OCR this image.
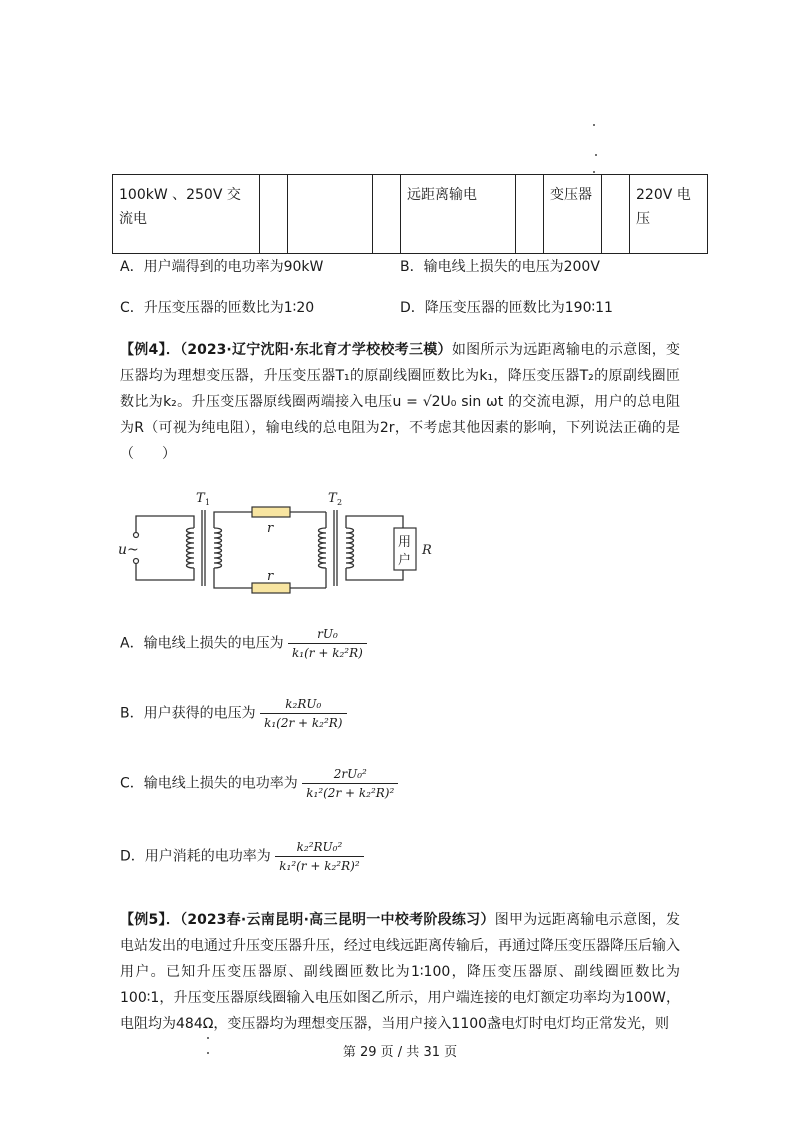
100kW 、250V 交流电				远距离输电		变压器		220V 电压
A．用户端得到的电功率为90kW	B．输电线上损失的电压为200V
C．升压变压器的匝数比为1∶20	D．降压变压器的匝数比为190∶11
【例4】．（2023·辽宁沈阳·东北育才学校校考三模）如图所示为远距离输电的示意图，变压器均为理想变压器，升压变压器T₁的原副线圈匝数比为k₁，降压变压器T₂的原副线圈匝数比为k₂。升压变压器原线圈两端接入电压u = √2U₀ sin ωt 的交流电源，用户的总电阻为R（可视为纯电阻），输电线的总电阻为2r，不考虑其他因素的影响，下列说法正确的是（　　）
u~
T 1	T 2
r
r
用
户
R
A．输电线上损失的电压为 $\frac{\text{rU₀}}{\text{k₁(r + k₂²R)}}$
B．用户获得的电压为 $\frac{\text{k₂RU₀}}{\text{k₁(2r + k₂²R)}}$
C．输电线上损失的电功率为 $\frac{\text{2rU₀²}}{\text{k₁²(2r + k₂²R)²}}$
D．用户消耗的电功率为 $\frac{\text{k₂²RU₀²}}{\text{k₁²(r + k₂²R)²}}$
【例5】．（2023春·云南昆明·高三昆明一中校考阶段练习）图甲为远距离输电示意图，发电站发出的电通过升压变压器升压，经过电线远距离传输后，再通过降压变压器降压后输入用户。已知升压变压器原、副线圈匝数比为1∶100，降压变压器原、副线圈匝数比为100∶1，升压变压器原线圈输入电压如图乙所示，用户端连接的电灯额定功率均为100W，电阻均为484Ω，变压器均为理想变压器，当用户接入1100盏电灯时电灯均正常发光，则
第 29 页 / 共 31 页
